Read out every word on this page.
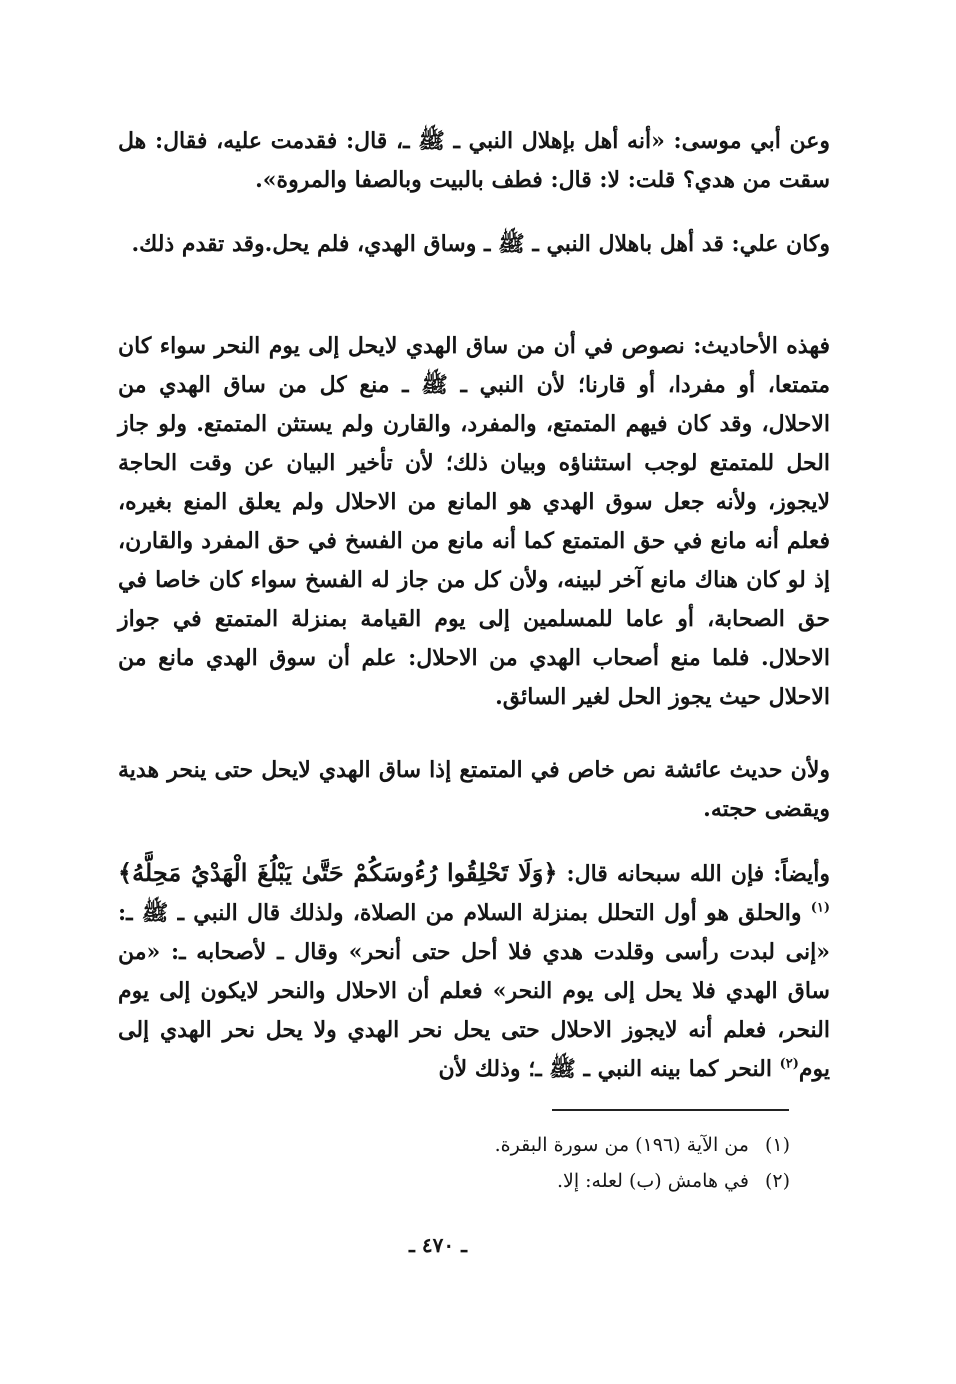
وعن أبي موسى: «أنه أهل بإهلال النبي ـ ﷺ ـ، قال: فقدمت عليه، فقال: هل سقت من هدي؟ قلت: لا: قال: فطف بالبيت وبالصفا والمروة».

وكان علي: قد أهل باهلال النبي ـ ﷺ ـ وساق الهدي، فلم يحل.وقد تقدم ذلك.

فهذه الأحاديث: نصوص في أن من ساق الهدي لايحل إلى يوم النحر سواء كان متمتعا، أو مفردا، أو قارنا؛ لأن النبي ـ ﷺ ـ منع كل من ساق الهدي من الاحلال، وقد كان فيهم المتمتع، والمفرد، والقارن ولم يستثن المتمتع. ولو جاز الحل للمتمتع لوجب استثناؤه وبيان ذلك؛ لأن تأخير البيان عن وقت الحاجة لايجوز، ولأنه جعل سوق الهدي هو المانع من الاحلال ولم يعلق المنع بغيره، فعلم أنه مانع في حق المتمتع كما أنه مانع من الفسخ في حق المفرد والقارن، إذ لو كان هناك مانع آخر لبينه، ولأن كل من جاز له الفسخ سواء كان خاصا في حق الصحابة، أو عاما للمسلمين إلى يوم القيامة بمنزلة المتمتع في جواز الاحلال. فلما منع أصحاب الهدي من الاحلال: علم أن سوق الهدي مانع من الاحلال حيث يجوز الحل لغير السائق.

ولأن حديث عائشة نص خاص في المتمتع إذا ساق الهدي لايحل حتى ينحر هدية ويقضى حجته.

وأيضاً: فإن الله سبحانه قال: ﴿وَلَا تَحْلِقُوا رُءُوسَكُمْ حَتَّىٰ يَبْلُغَ الْهَدْيُ مَحِلَّهُ﴾$^{(١)}$ والحلق هو أول التحلل بمنزلة السلام من الصلاة، ولذلك قال النبي ـ ﷺ ـ: «إنى لبدت رأسى وقلدت هدي فلا أحل حتى أنحر» وقال ـ لأصحابه ـ: «من ساق الهدي فلا يحل إلى يوم النحر» فعلم أن الاحلال والنحر لايكون إلى يوم النحر، فعلم أنه لايجوز الاحلال حتى يحل نحر الهدي ولا يحل نحر الهدي إلى يوم$^{(٢)}$ النحر كما بينه النبي ـ ﷺ ـ؛ وذلك لأن

(١)من الآية (١٩٦) من سورة البقرة.

(٢)في هامش (ب) لعله: إلا.

ـ ٤٧٠ ـ
